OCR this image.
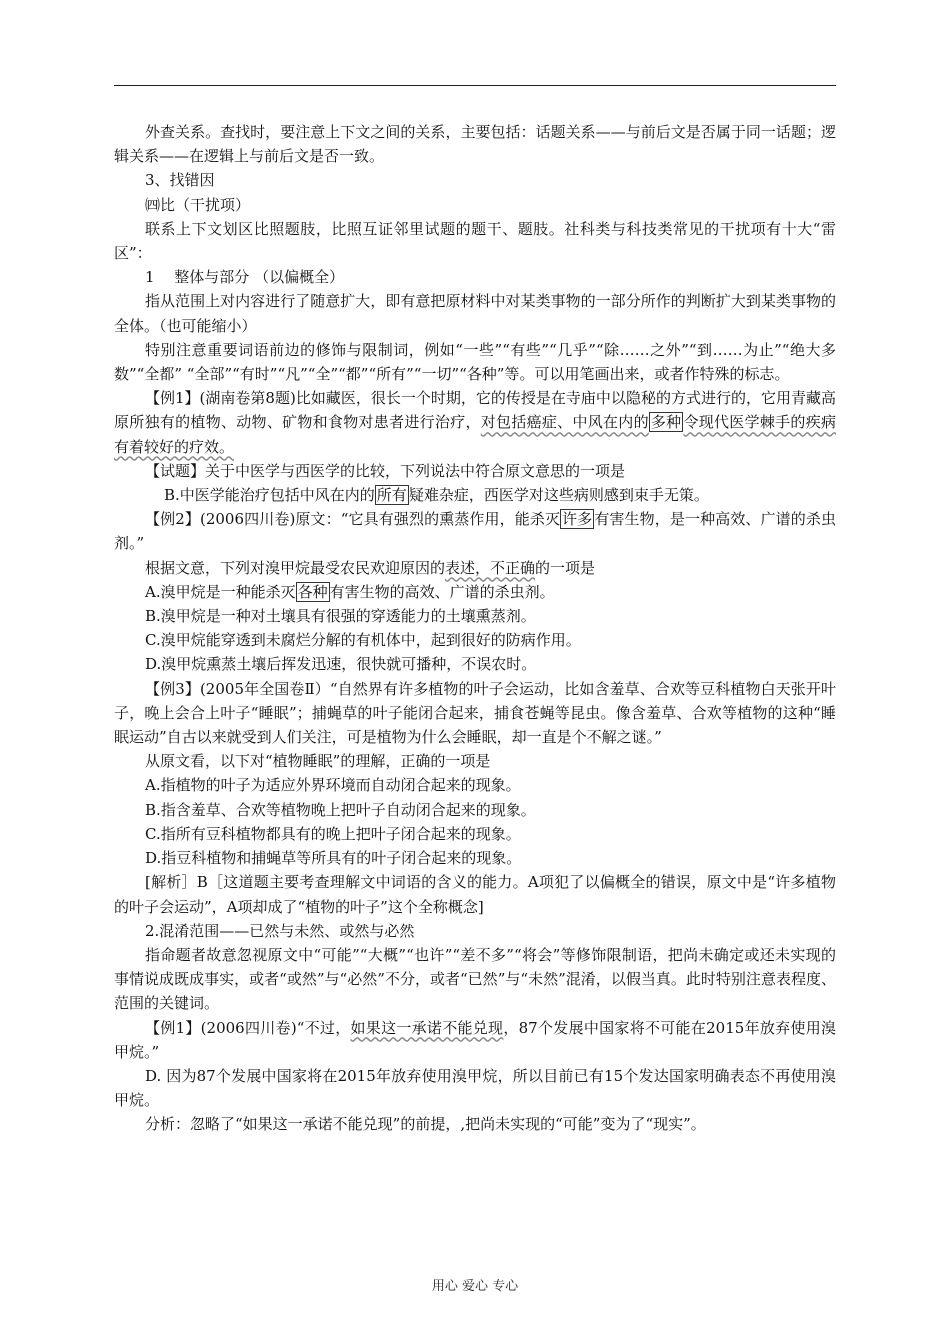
外查关系。查找时，要注意上下文之间的关系，主要包括：话题关系——与前后文是否属于同一话题；逻辑关系——在逻辑上与前后文是否一致。

3、找错因

㈣比（干扰项）

联系上下文划区比照题肢，比照互证邻里试题的题干、题肢。社科类与科技类常见的干扰项有十大“雷区”：

1　 整体与部分 （以偏概全）

指从范围上对内容进行了随意扩大，即有意把原材料中对某类事物的一部分所作的判断扩大到某类事物的全体。（也可能缩小）

特别注意重要词语前边的修饰与限制词，例如“一些”“有些”“几乎”“除……之外”“到……为止”“绝大多数”“全都” “全部”“有时”“凡”“全”“都”“所有”“一切”“各种”等。可以用笔画出来，或者作特殊的标志。

【例1】(湖南卷第8题)比如藏医，很长一个时期，它的传授是在寺庙中以隐秘的方式进行的，它用青藏高原所独有的植物、动物、矿物和食物对患者进行治疗，对包括癌症、中风在内的 多种 令现代医学棘手的疾病有着较好的疗效。

【试题】关于中医学与西医学的比较，下列说法中符合原文意思的一项是

B.中医学能治疗包括中风在内的 所有 疑难杂症，西医学对这些病则感到束手无策。

【例2】(2006四川卷)原文：“它具有强烈的熏蒸作用，能杀灭 许多 有害生物，是一种高效、广谱的杀虫剂。”

根据文意，下列对溴甲烷最受农民欢迎原因的表述，不正确的一项是

A.溴甲烷是一种能杀灭 各种 有害生物的高效、广谱的杀虫剂。

B.溴甲烷是一种对土壤具有很强的穿透能力的土壤熏蒸剂。

C.溴甲烷能穿透到未腐烂分解的有机体中，起到很好的防病作用。

D.溴甲烷熏蒸土壤后挥发迅速，很快就可播种，不误农时。

【例3】(2005年全国卷Ⅱ）“自然界有许多植物的叶子会运动，比如含羞草、合欢等豆科植物白天张开叶子，晚上会合上叶子“睡眠”；捕蝇草的叶子能闭合起来，捕食苍蝇等昆虫。像含羞草、合欢等植物的这种“睡眠运动”自古以来就受到人们关注，可是植物为什么会睡眠，却一直是个不解之谜。”

从原文看，以下对“植物睡眠”的理解，正确的一项是

A.指植物的叶子为适应外界环境而自动闭合起来的现象。

B.指含羞草、合欢等植物晚上把叶子自动闭合起来的现象。

C.指所有豆科植物都具有的晚上把叶子闭合起来的现象。

D.指豆科植物和捕蝇草等所具有的叶子闭合起来的现象。

[解析］B［这道题主要考查理解文中词语的含义的能力。A项犯了以偏概全的错误，原文中是“许多植物的叶子会运动”，A项却成了“植物的叶子”这个全称概念]

2.混淆范围——已然与未然、或然与必然

指命题者故意忽视原文中“可能”“大概”“也许”“差不多”“将会”等修饰限制语，把尚未确定或还未实现的事情说成既成事实，或者“或然”与“必然”不分，或者“已然”与“未然”混淆，以假当真。此时特别注意表程度、范围的关键词。

【例1】(2006四川卷)“不过，如果这一承诺不能兑现，87个发展中国家将不可能在2015年放弃使用溴甲烷。”

D. 因为87个发展中国家将在2015年放弃使用溴甲烷，所以目前已有15个发达国家明确表态不再使用溴甲烷。

分析：忽略了“如果这一承诺不能兑现”的前提，,把尚未实现的“可能”变为了“现实”。

用心 爱心 专心
